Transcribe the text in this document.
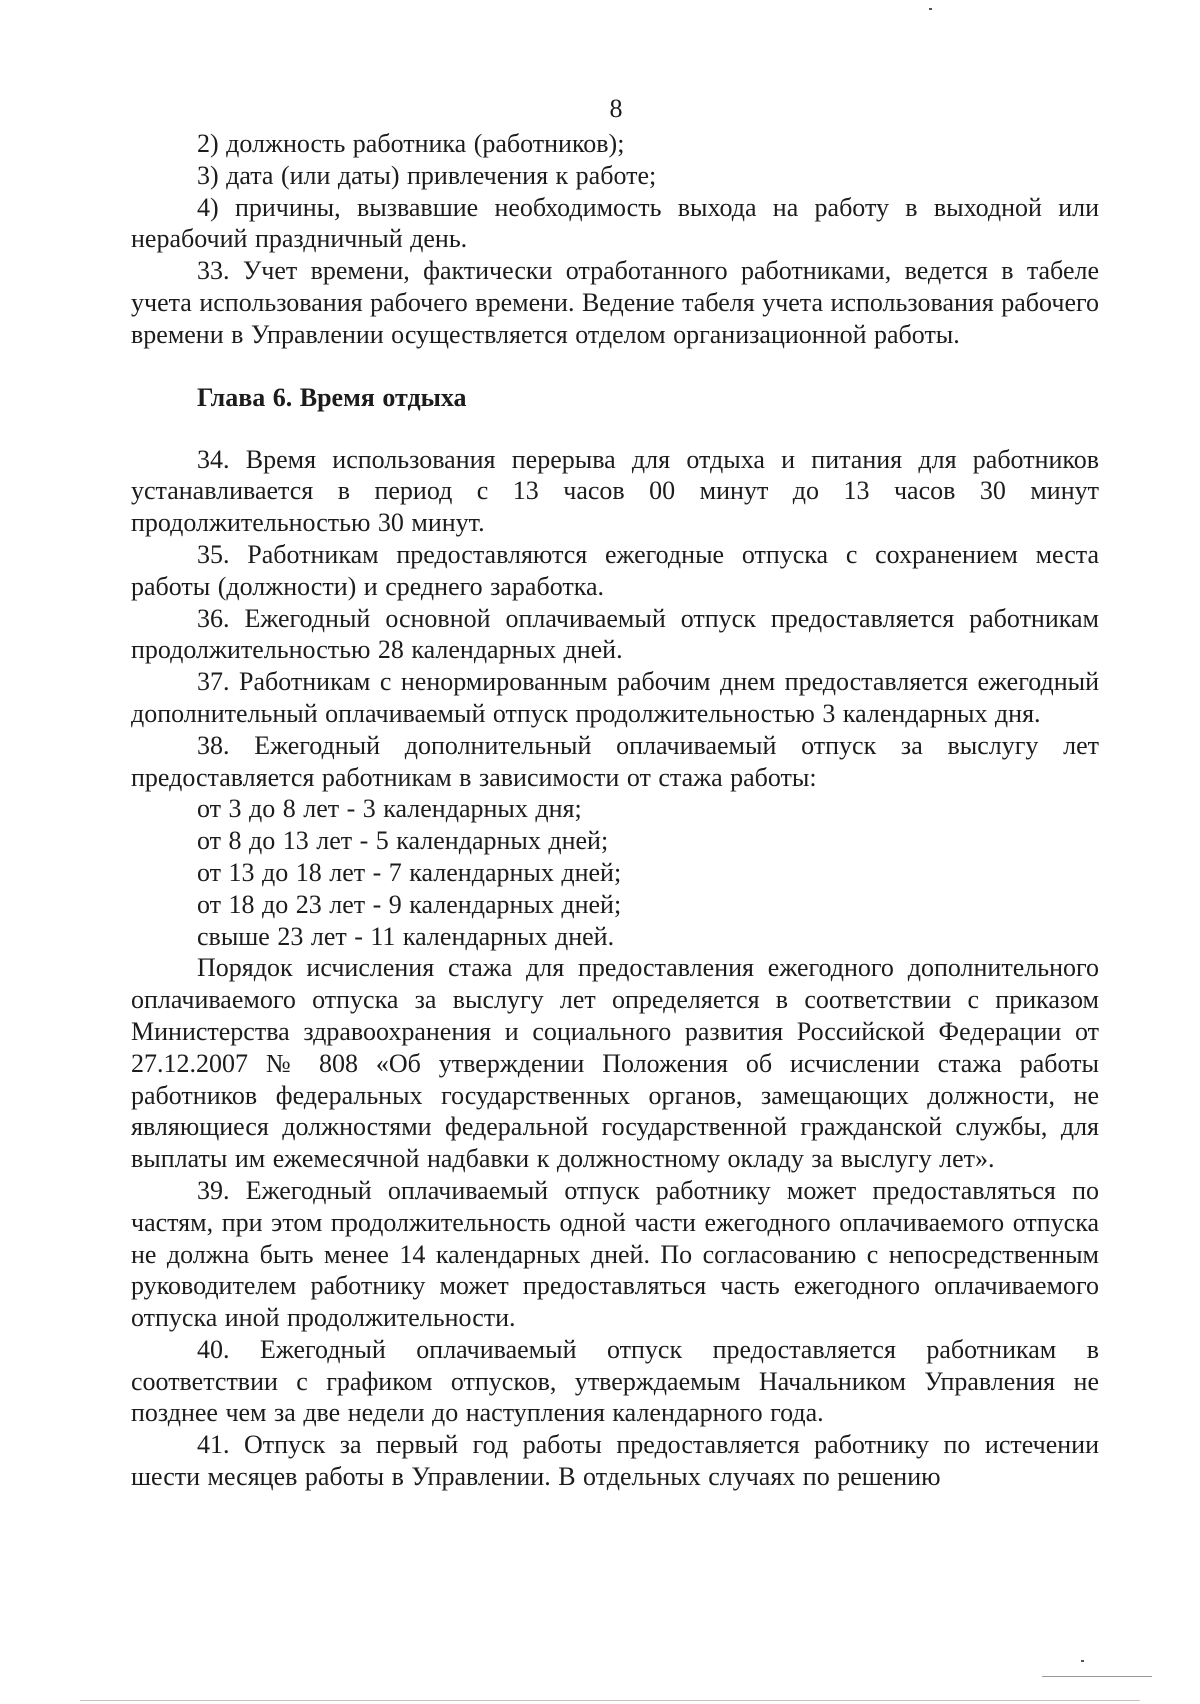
8

2) должность работника (работников);

3) дата (или даты) привлечения к работе;

4) причины, вызвавшие необходимость выхода на работу в выходной или нерабочий праздничный день.

33. Учет времени, фактически отработанного работниками, ведется в табеле учета использования рабочего времени. Ведение табеля учета использования рабочего времени в Управлении осуществляется отделом организационной работы.

Глава 6. Время отдыха

34. Время использования перерыва для отдыха и питания для работников устанавливается в период с 13 часов 00 минут до 13 часов 30 минут продолжительностью 30 минут.

35. Работникам предоставляются ежегодные отпуска с сохранением места работы (должности) и среднего заработка.

36. Ежегодный основной оплачиваемый отпуск предоставляется работникам продолжительностью 28 календарных дней.

37. Работникам с ненормированным рабочим днем предоставляется ежегодный дополнительный оплачиваемый отпуск продолжительностью 3 календарных дня.

38. Ежегодный дополнительный оплачиваемый отпуск за выслугу лет предоставляется работникам в зависимости от стажа работы:

от 3 до 8 лет - 3 календарных дня;

от 8 до 13 лет - 5 календарных дней;

от 13 до 18 лет - 7 календарных дней;

от 18 до 23 лет - 9 календарных дней;

свыше 23 лет - 11 календарных дней.

Порядок исчисления стажа для предоставления ежегодного дополнительного оплачиваемого отпуска за выслугу лет определяется в соответствии с приказом Министерства здравоохранения и социального развития Российской Федерации от 27.12.2007 № 808 «Об утверждении Положения об исчислении стажа работы работников федеральных государственных органов, замещающих должности, не являющиеся должностями федеральной государственной гражданской службы, для выплаты им ежемесячной надбавки к должностному окладу за выслугу лет».

39. Ежегодный оплачиваемый отпуск работнику может предоставляться по частям, при этом продолжительность одной части ежегодного оплачиваемого отпуска не должна быть менее 14 календарных дней. По согласованию с непосредственным руководителем работнику может предоставляться часть ежегодного оплачиваемого отпуска иной продолжительности.

40. Ежегодный оплачиваемый отпуск предоставляется работникам в соответствии с графиком отпусков, утверждаемым Начальником Управления не позднее чем за две недели до наступления календарного года.

41. Отпуск за первый год работы предоставляется работнику по истечении шести месяцев работы в Управлении. В отдельных случаях по решению
